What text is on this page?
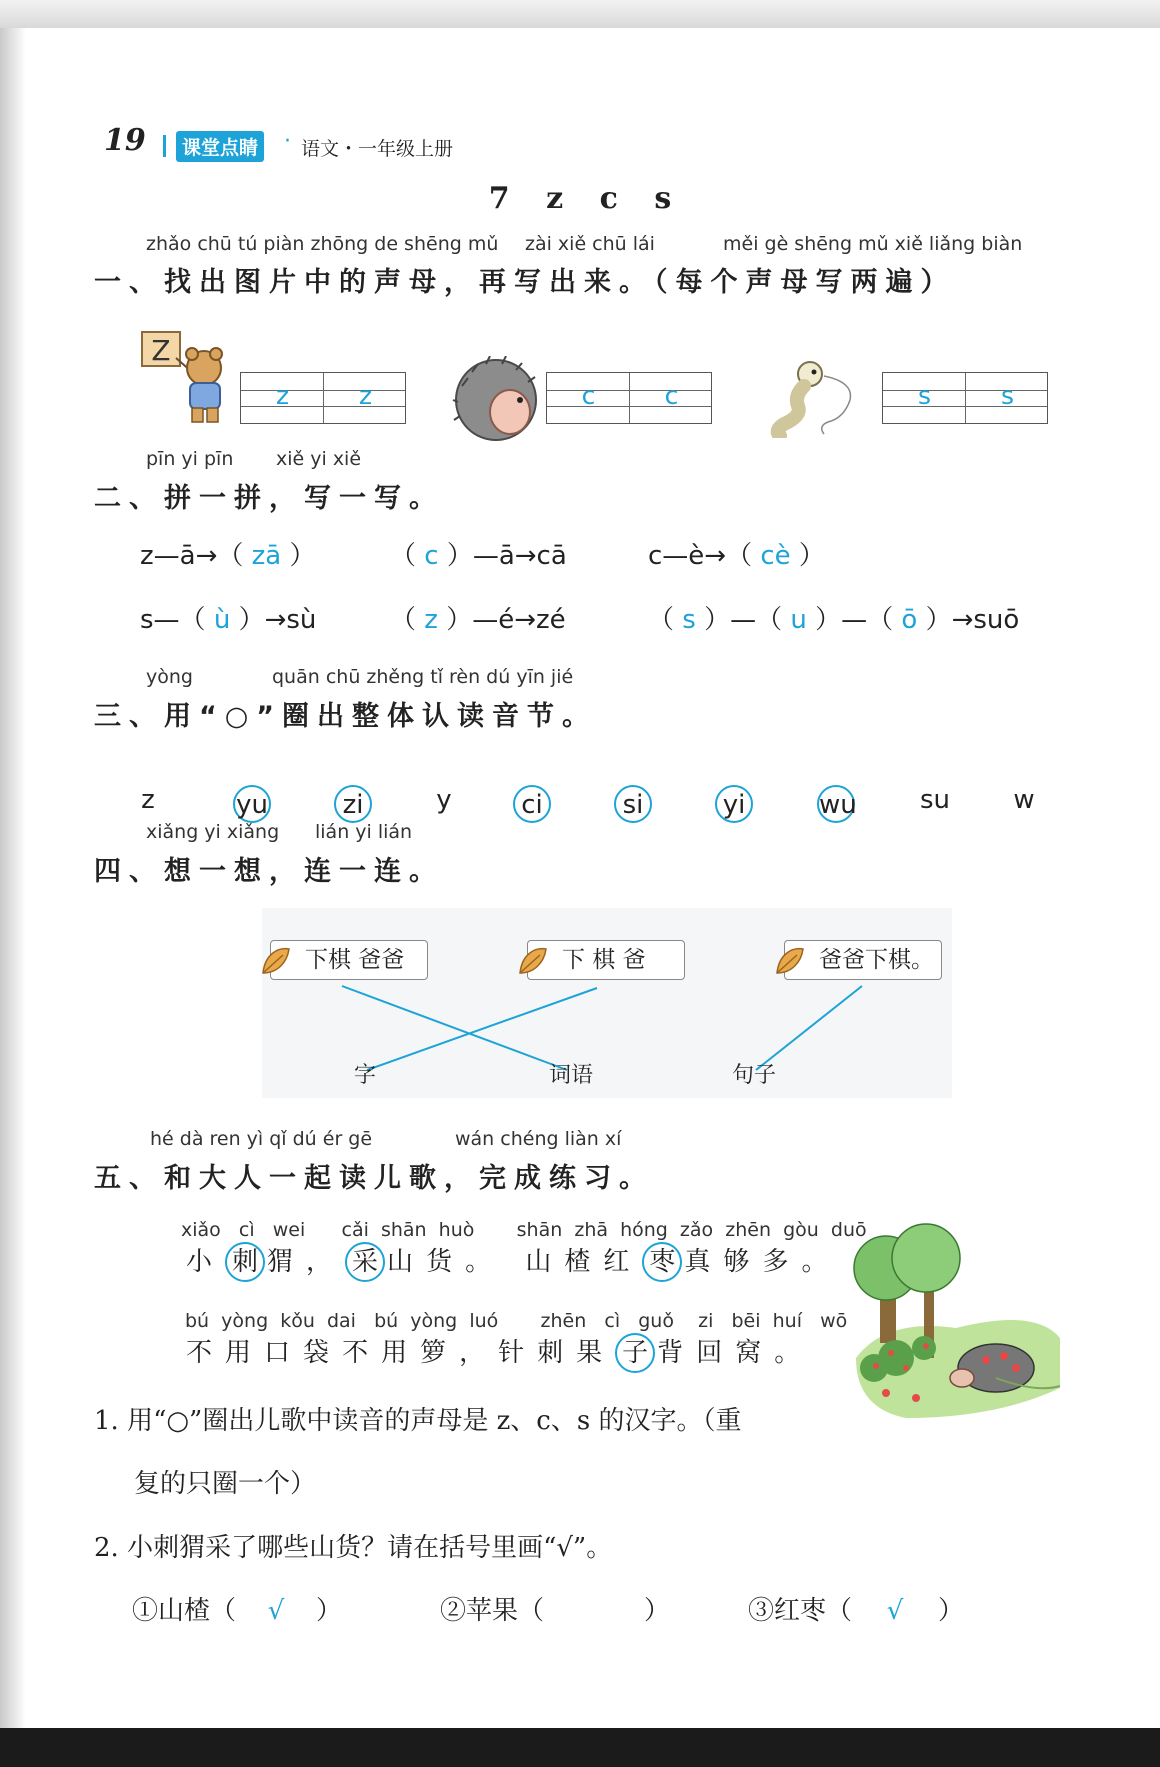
19	课堂点睛 · 语文・一年级上册
7 z c s
zhǎo chū tú piàn zhōng de shēng mǔ zài xiě chū lái	měi gè shēng mǔ xiě liǎng biàn
一、找出图片中的声母，再写出来。（每个声母写两遍）
Z
z	z	c	c	s	s
pīn yi pīn xiě yi xiě
二、拼一拼，写一写。
z—ā→（ zā ）	（ c ）—ā→cā	c—è→（ cè ）
s—（ ù ）→sù	（ z ）—é→zé	（ s ）—（ u ）—（ ō ）→suō
yòng	quān chū zhěng tǐ rèn dú yīn jié
三、用“○”圈出整体认读音节。
z	yu	zi	y	ci	si	yi	wu	su	w
xiǎng yi xiǎng lián yi lián
四、想一想，连一连。
下棋 爸爸	下 棋 爸	爸爸下棋。
字	词语	句子
hé dà ren yì qǐ dú ér gē	wán chéng liàn xí
五、和大人一起读儿歌，完成练习。
xiǎo   cì   wei      cǎi  shān  huò       shān  zhā  hóng  zǎo  zhēn  gòu  duō
小 刺 猬， 采 山货。 山楂红 枣 真够多。
bú  yòng  kǒu  dai   bú  yòng  luó       zhēn   cì   guǒ    zi   bēi  huí   wō
不用口袋不用箩，针刺果 子 背回窝。
1. 用“○”圈出儿歌中读音的声母是 z、c、s 的汉字。（重
复的只圈一个）
2. 小刺猬采了哪些山货？请在括号里画“√”。
①山楂（ √ ）	②苹果（	）	③红枣（ √ ）
